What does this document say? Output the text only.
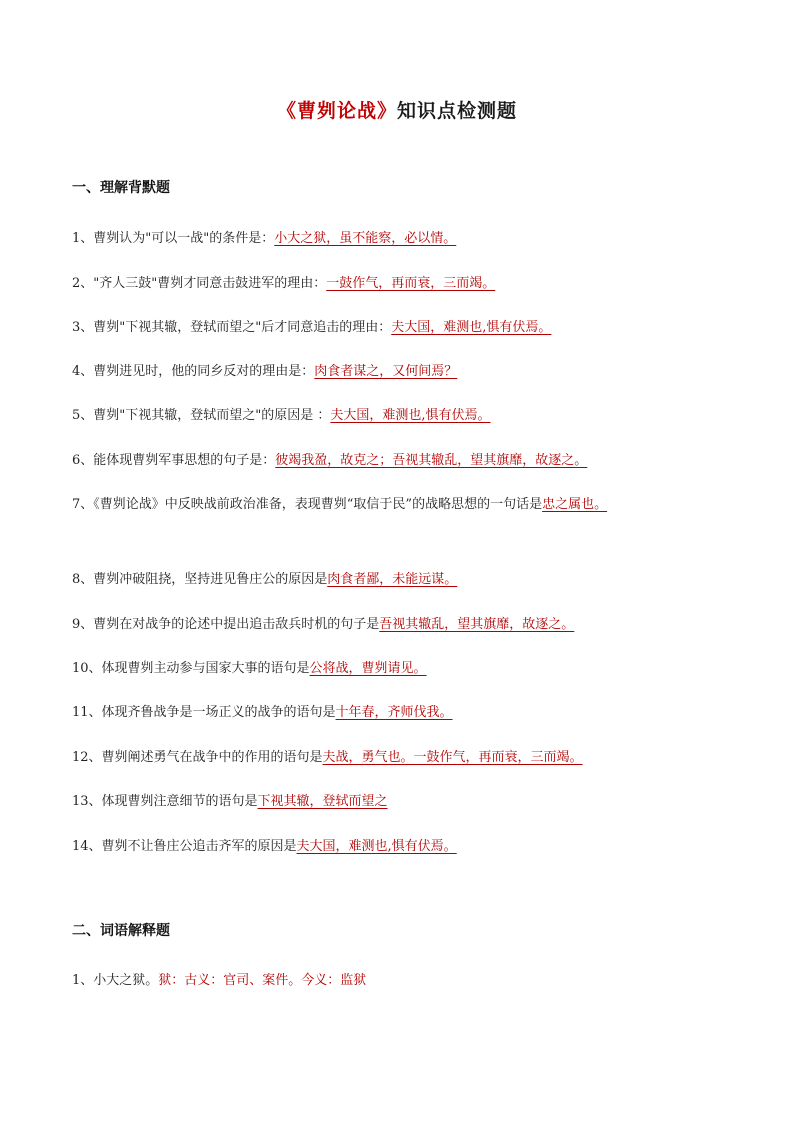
《曹刿论战》知识点检测题
一、理解背默题
1、曹刿认为"可以一战"的条件是：小大之狱，虽不能察，必以情。
2、"齐人三鼓"曹刿才同意击鼓进军的理由：一鼓作气，再而衰，三而竭。
3、曹刿"下视其辙，登轼而望之"后才同意追击的理由：夫大国，难测也,惧有伏焉。
4、曹刿进见时，他的同乡反对的理由是：肉食者谋之，又何间焉？
5、曹刿"下视其辙，登轼而望之"的原因是 ：夫大国，难测也,惧有伏焉。
6、能体现曹刿军事思想的句子是：彼竭我盈，故克之；吾视其辙乱，望其旗靡，故逐之。
7、《曹刿论战》中反映战前政治准备，表现曹刿“取信于民”的战略思想的一句话是忠之属也。
8、曹刿冲破阻挠，坚持进见鲁庄公的原因是肉食者鄙，未能远谋。
9、曹刿在对战争的论述中提出追击敌兵时机的句子是吾视其辙乱，望其旗靡，故逐之。
10、体现曹刿主动参与国家大事的语句是公将战，曹刿请见。
11、体现齐鲁战争是一场正义的战争的语句是十年春，齐师伐我。
12、曹刿阐述勇气在战争中的作用的语句是夫战，勇气也。一鼓作气，再而衰，三而竭。
13、体现曹刿注意细节的语句是下视其辙，登轼而望之
14、曹刿不让鲁庄公追击齐军的原因是夫大国，难测也,惧有伏焉。
二、词语解释题
1、小大之狱。狱：古义：官司、案件。今义：监狱
